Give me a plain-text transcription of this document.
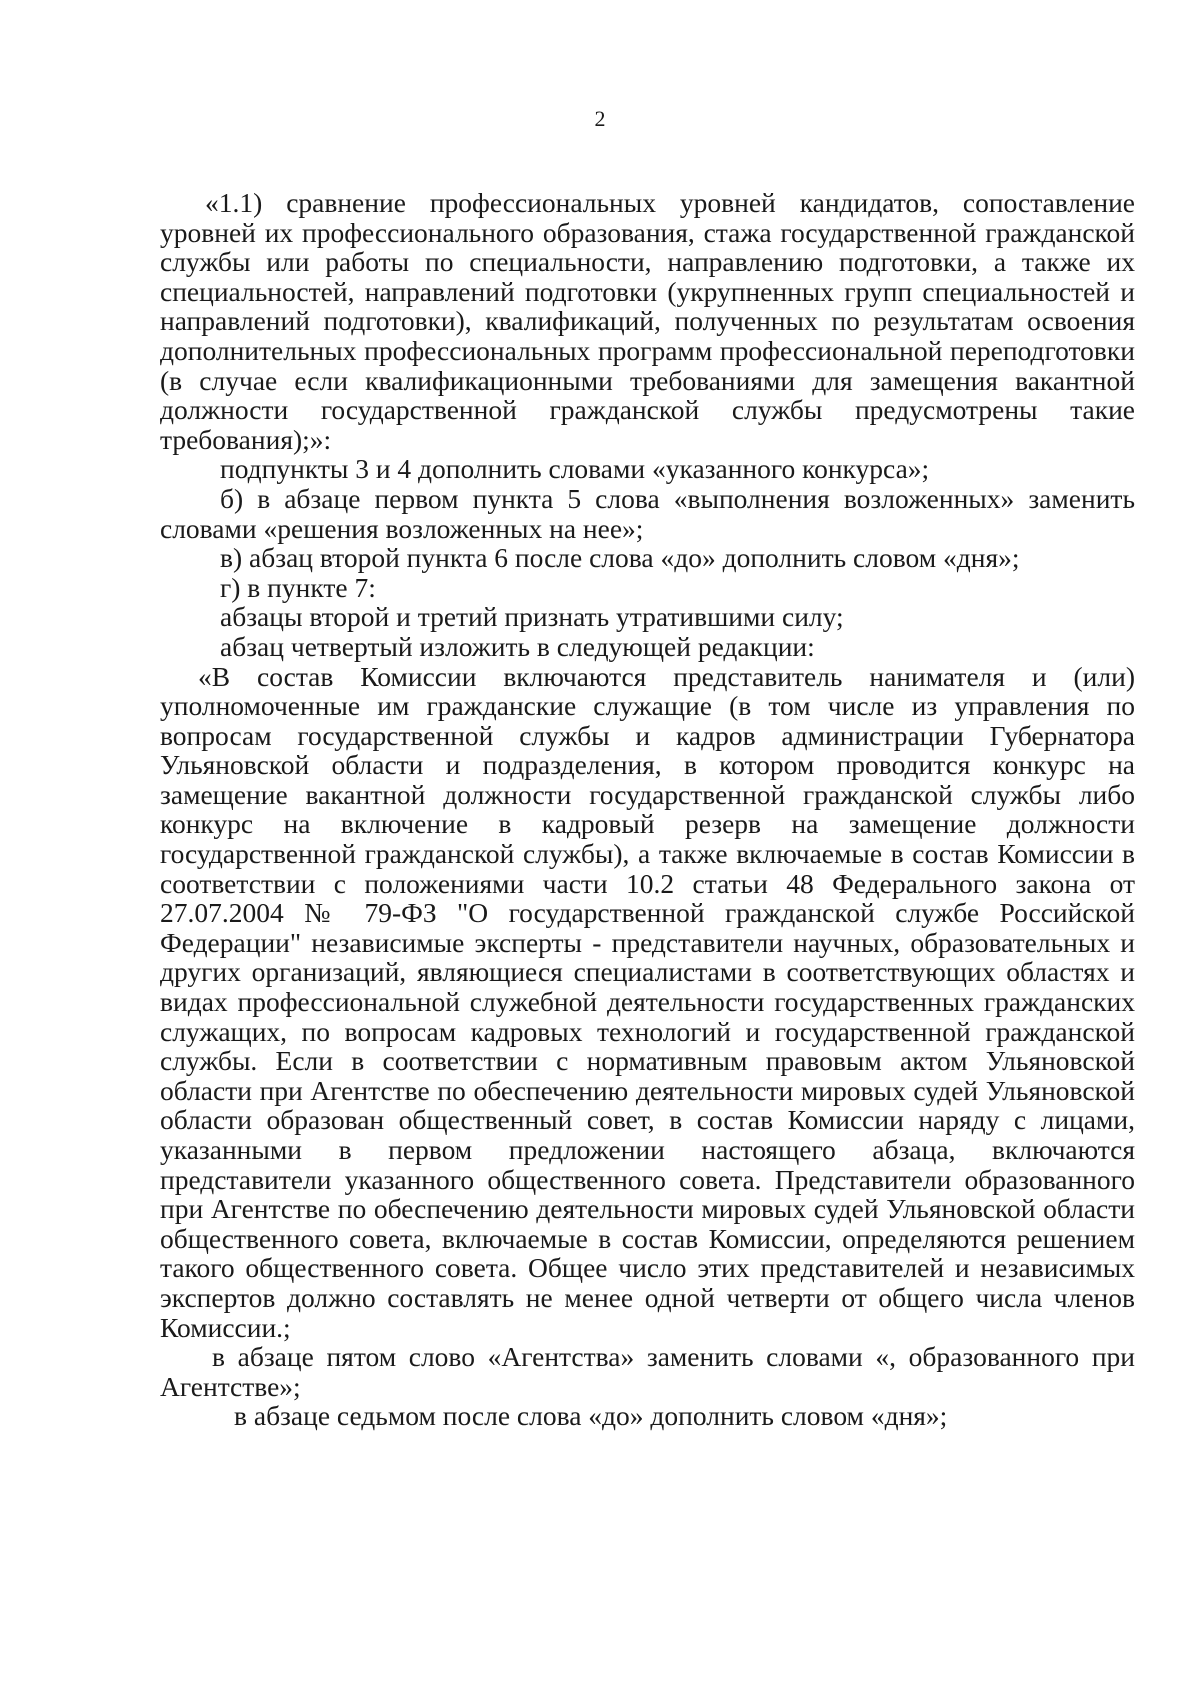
2

«1.1) сравнение профессиональных уровней кандидатов, сопоставление
уровней их профессионального образования, стажа государственной гражданской
службы или работы по специальности, направлению подготовки, а также их
специальностей, направлений подготовки (укрупненных групп специальностей и
направлений подготовки), квалификаций, полученных по результатам освоения
дополнительных профессиональных программ профессиональной переподготовки
(в случае если квалификационными требованиями для замещения вакантной
должности государственной гражданской службы предусмотрены такие
требования);»:

подпункты 3 и 4 дополнить словами «указанного конкурса»;

б) в абзаце первом пункта 5 слова «выполнения возложенных» заменить
словами «решения возложенных на нее»;

в) абзац второй пункта 6 после слова «до» дополнить словом «дня»;

г) в пункте 7:

абзацы второй и третий признать утратившими силу;

абзац четвертый изложить в следующей редакции:

«В состав Комиссии включаются представитель нанимателя и (или)
уполномоченные им гражданские служащие (в том числе из управления по
вопросам государственной службы и кадров администрации Губернатора
Ульяновской области и подразделения, в котором проводится конкурс на
замещение вакантной должности государственной гражданской службы либо
конкурс на включение в кадровый резерв на замещение должности
государственной гражданской службы), а также включаемые в состав Комиссии в
соответствии с положениями части 10.2 статьи 48 Федерального закона от
27.07.2004 № 79-ФЗ "О государственной гражданской службе Российской
Федерации" независимые эксперты - представители научных, образовательных и
других организаций, являющиеся специалистами в соответствующих областях и
видах профессиональной служебной деятельности государственных гражданских
служащих, по вопросам кадровых технологий и государственной гражданской
службы. Если в соответствии с нормативным правовым актом Ульяновской
области при Агентстве по обеспечению деятельности мировых судей Ульяновской
области образован общественный совет, в состав Комиссии наряду с лицами,
указанными в первом предложении настоящего абзаца, включаются
представители указанного общественного совета. Представители образованного
при Агентстве по обеспечению деятельности мировых судей Ульяновской области
общественного совета, включаемые в состав Комиссии, определяются решением
такого общественного совета. Общее число этих представителей и независимых
экспертов должно составлять не менее одной четверти от общего числа членов
Комиссии.;

в абзаце пятом слово «Агентства» заменить словами «, образованного при
Агентстве»;

в абзаце седьмом после слова «до» дополнить словом «дня»;
